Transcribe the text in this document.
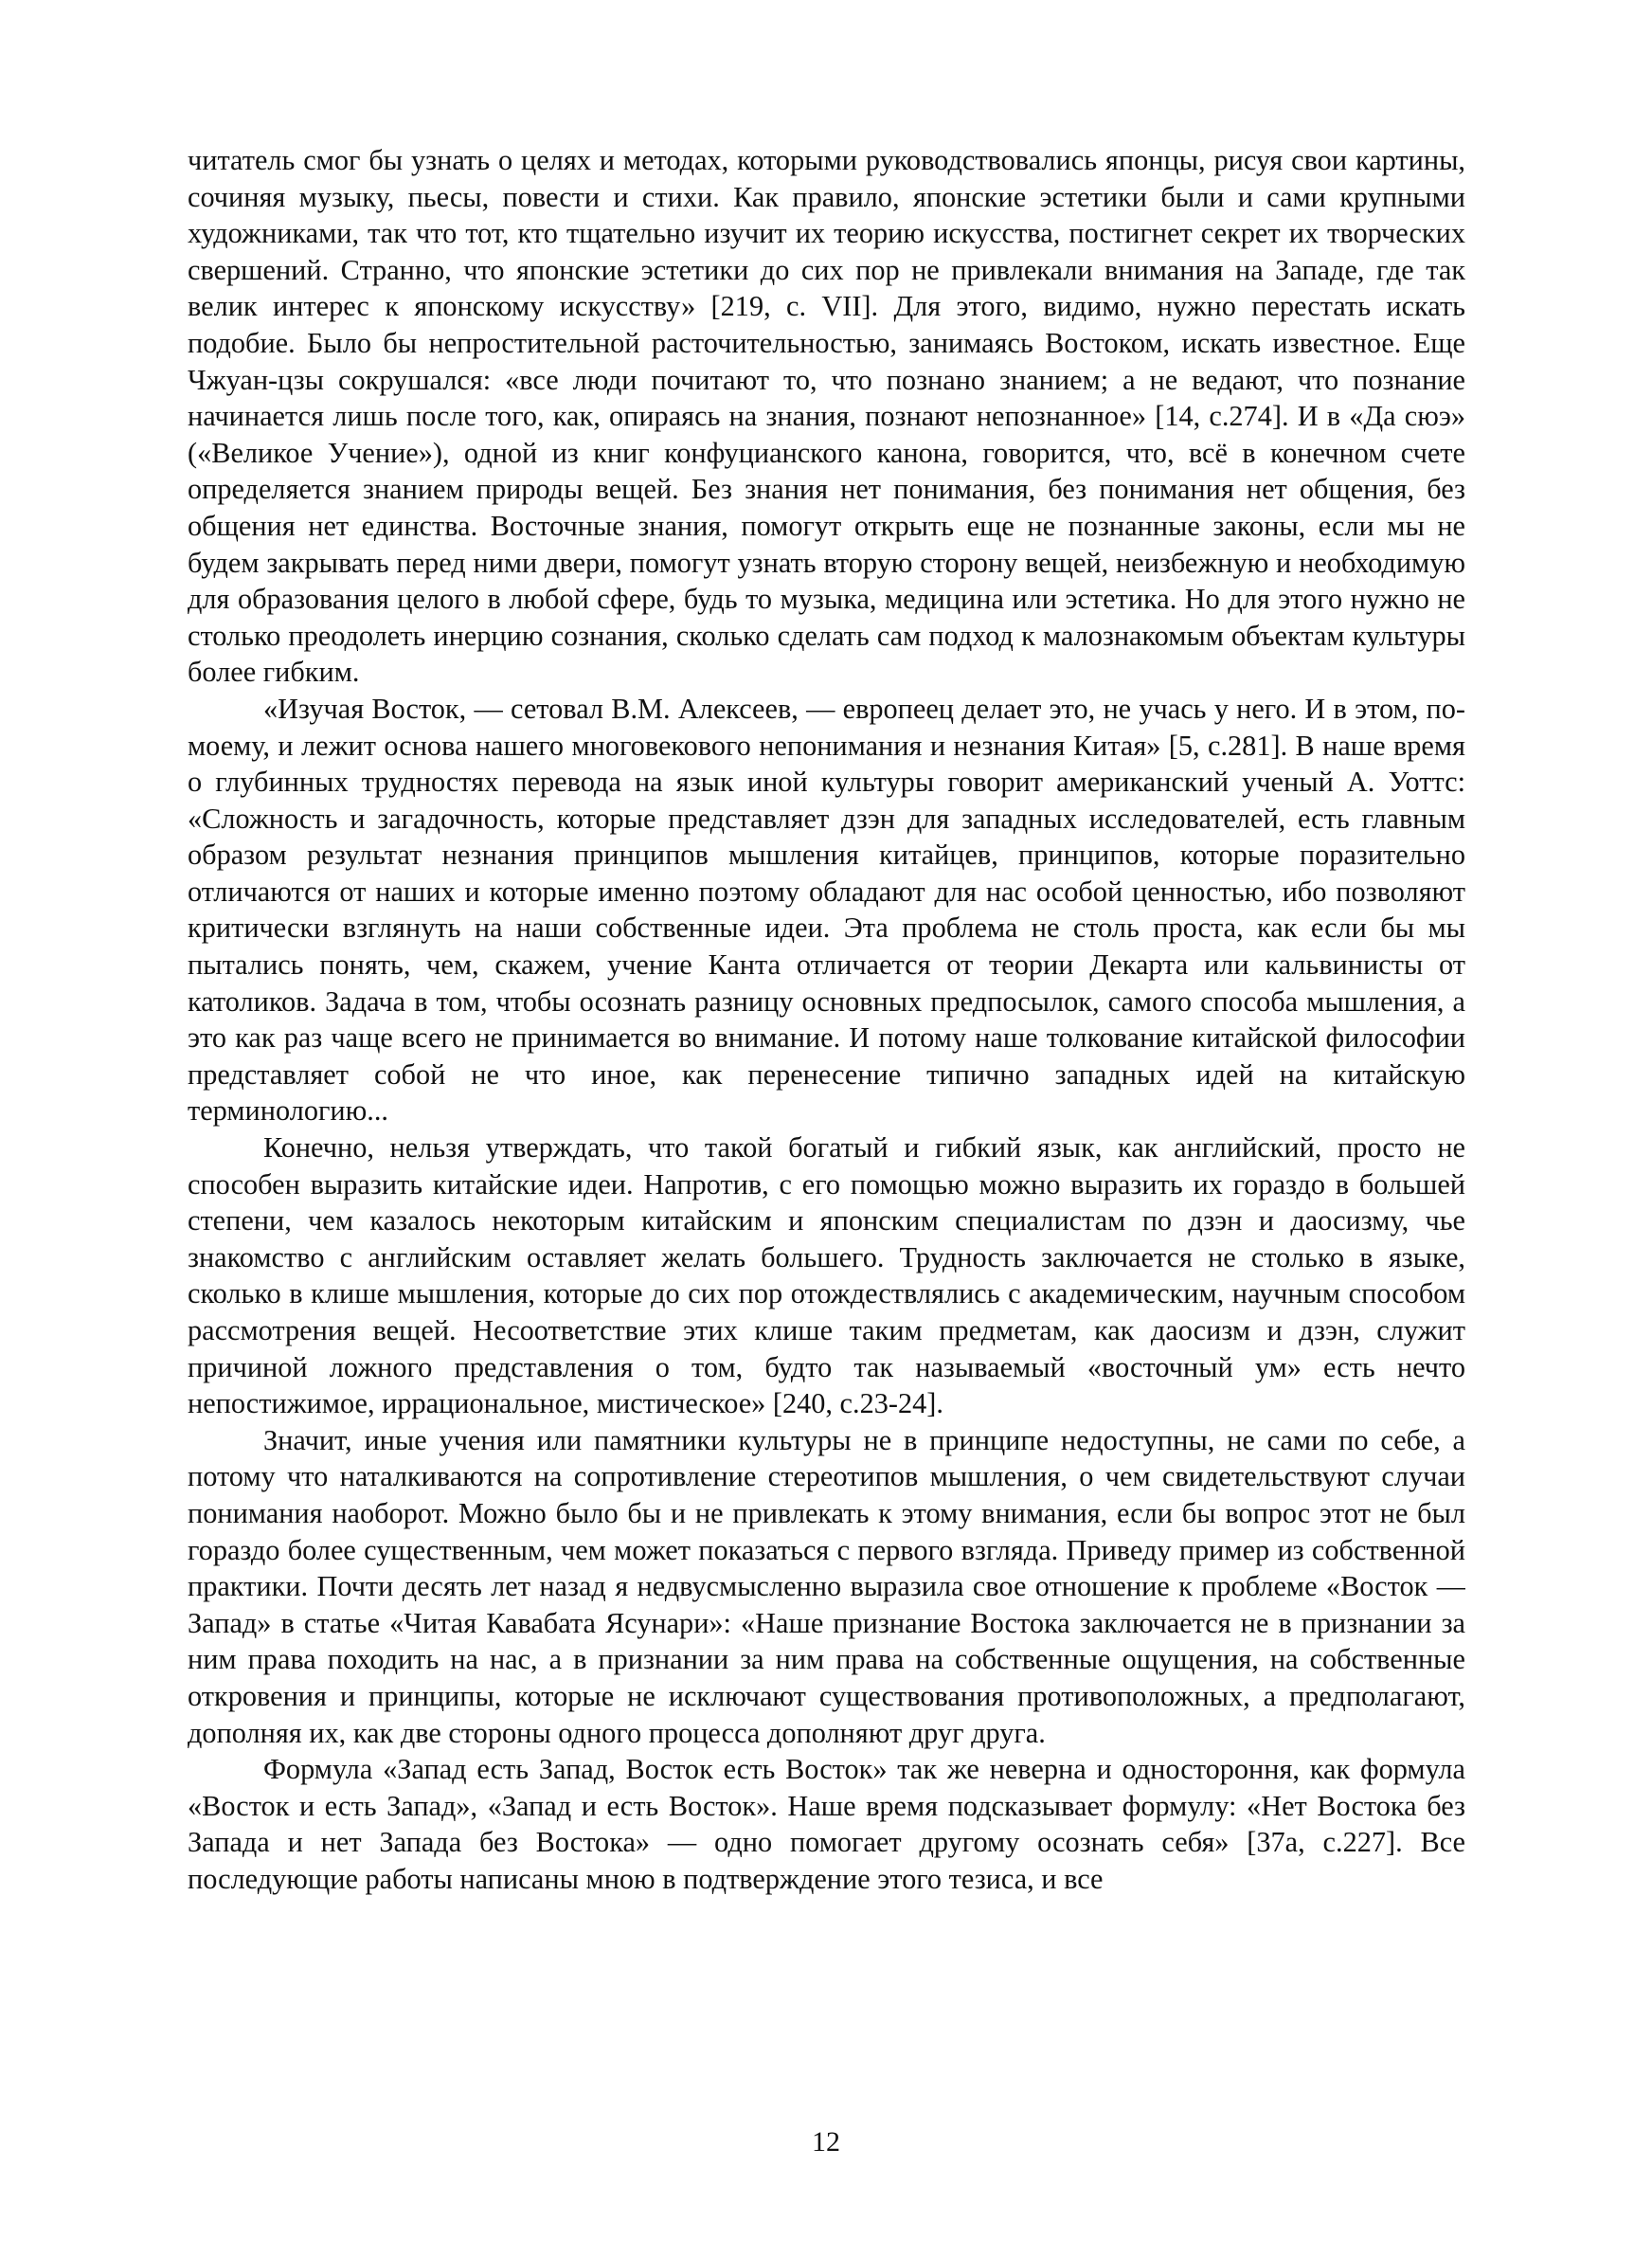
читатель смог бы узнать о целях и методах, которыми руководствовались японцы, рисуя свои картины, сочиняя музыку, пьесы, повести и стихи. Как правило, японские эстетики были и сами крупными художниками, так что тот, кто тщательно изучит их теорию искусства, постигнет секрет их творческих свершений. Странно, что японские эстетики до сих пор не привлекали внимания на Западе, где так велик интерес к японскому искусству» [219, с. VII]. Для этого, видимо, нужно перестать искать подобие. Было бы непростительной расточительностью, занимаясь Востоком, искать известное. Еще Чжуан-цзы сокрушался: «все люди почитают то, что познано знанием; а не ведают, что познание начинается лишь после того, как, опираясь на знания, познают непознанное» [14, с.274]. И в «Да сюэ» («Великое Учение»), одной из книг конфуцианского канона, говорится, что, всё в конечном счете определяется знанием природы вещей. Без знания нет понимания, без понимания нет общения, без общения нет единства. Восточные знания, помогут открыть еще не познанные законы, если мы не будем закрывать перед ними двери, помогут узнать вторую сторону вещей, неизбежную и необходимую для образования целого в любой сфере, будь то музыка, медицина или эстетика. Но для этого нужно не столько преодолеть инерцию сознания, сколько сделать сам подход к малознакомым объектам культуры более гибким.

«Изучая Восток, — сетовал В.М. Алексеев, — европеец делает это, не учась у него. И в этом, по-моему, и лежит основа нашего многовекового непонимания и незнания Китая» [5, с.281]. В наше время о глубинных трудностях перевода на язык иной культуры говорит американский ученый А. Уоттс: «Сложность и загадочность, которые представляет дзэн для западных исследователей, есть главным образом результат незнания принципов мышления китайцев, принципов, которые поразительно отличаются от наших и которые именно поэтому обладают для нас особой ценностью, ибо позволяют критически взглянуть на наши собственные идеи. Эта проблема не столь проста, как если бы мы пытались понять, чем, скажем, учение Канта отличается от теории Декарта или кальвинисты от католиков. Задача в том, чтобы осознать разницу основных предпосылок, самого способа мышления, а это как раз чаще всего не принимается во внимание. И потому наше толкование китайской философии представляет собой не что иное, как перенесение типично западных идей на китайскую терминологию...

Конечно, нельзя утверждать, что такой богатый и гибкий язык, как английский, просто не способен выразить китайские идеи. Напротив, с его помощью можно выразить их гораздо в большей степени, чем казалось некоторым китайским и японским специалистам по дзэн и даосизму, чье знакомство с английским оставляет желать большего. Трудность заключается не столько в языке, сколько в клише мышления, которые до сих пор отождествлялись с академическим, научным способом рассмотрения вещей. Несоответствие этих клише таким предметам, как даосизм и дзэн, служит причиной ложного представления о том, будто так называемый «восточный ум» есть нечто непостижимое, иррациональное, мистическое» [240, с.23-24].

Значит, иные учения или памятники культуры не в принципе недоступны, не сами по себе, а потому что наталкиваются на сопротивление стереотипов мышления, о чем свидетельствуют случаи понимания наоборот. Можно было бы и не привлекать к этому внимания, если бы вопрос этот не был гораздо более существенным, чем может показаться с первого взгляда. Приведу пример из собственной практики. Почти десять лет назад я недвусмысленно выразила свое отношение к проблеме «Восток — Запад» в статье «Читая Кавабата Ясунари»: «Наше признание Востока заключается не в признании за ним права походить на нас, а в признании за ним права на собственные ощущения, на собственные откровения и принципы, которые не исключают существования противоположных, а предполагают, дополняя их, как две стороны одного процесса дополняют друг друга.

Формула «Запад есть Запад, Восток есть Восток» так же неверна и одностороння, как формула «Восток и есть Запад», «Запад и есть Восток». Наше время подсказывает формулу: «Нет Востока без Запада и нет Запада без Востока» — одно помогает другому осознать себя» [37а, с.227]. Все последующие работы написаны мною в подтверждение этого тезиса, и все

12
